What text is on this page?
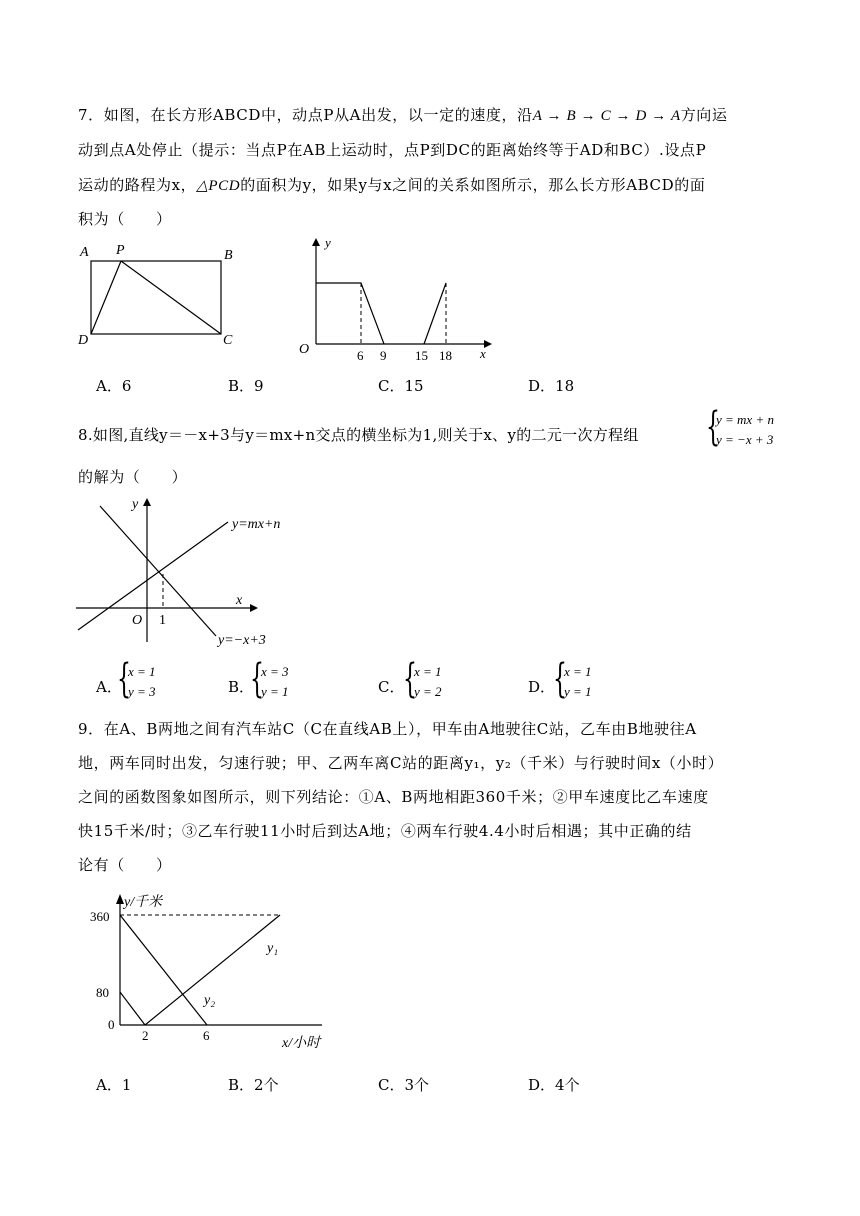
7．如图，在长方形ABCD中，动点P从A出发，以一定的速度，沿A → B → C → D → A方向运
动到点A处停止（提示：当点P在AB上运动时，点P到DC的距离始终等于AD和BC）.设点P
运动的路程为x，△PCD的面积为y，如果y与x之间的关系如图所示，那么长方形ABCD的面
积为（　　）
A P	B
D	C
y
x
O	6 9 15 18
A．6	B．9	C．15	D．18
8.如图,直线y＝－x+3与y＝mx+n交点的横坐标为1,则关于x、y的二元一次方程组 {
y = mx + n
y = −x + 3
的解为（　　）
y
x
O 1
y=mx+n
y=−x+3
A．
{
x = 1
y = 3	B．
{
x = 3
y = 1	C．
{
x = 1
y = 2	D．
{
x = 1
y = 1
9．在A、B两地之间有汽车站C（C在直线AB上），甲车由A地驶往C站，乙车由B地驶往A
地，两车同时出发，匀速行驶；甲、乙两车离C站的距离y₁，y₂（千米）与行驶时间x（小时）
之间的函数图象如图所示，则下列结论：①A、B两地相距360千米；②甲车速度比乙车速度
快15千米/时；③乙车行驶11小时后到达A地；④两车行驶4.4小时后相遇；其中正确的结
论有（　　）
y/千米
x/小时
360
80
0
2	6
y₁
y₂
A．1	B．2个	C．3个	D．4个
